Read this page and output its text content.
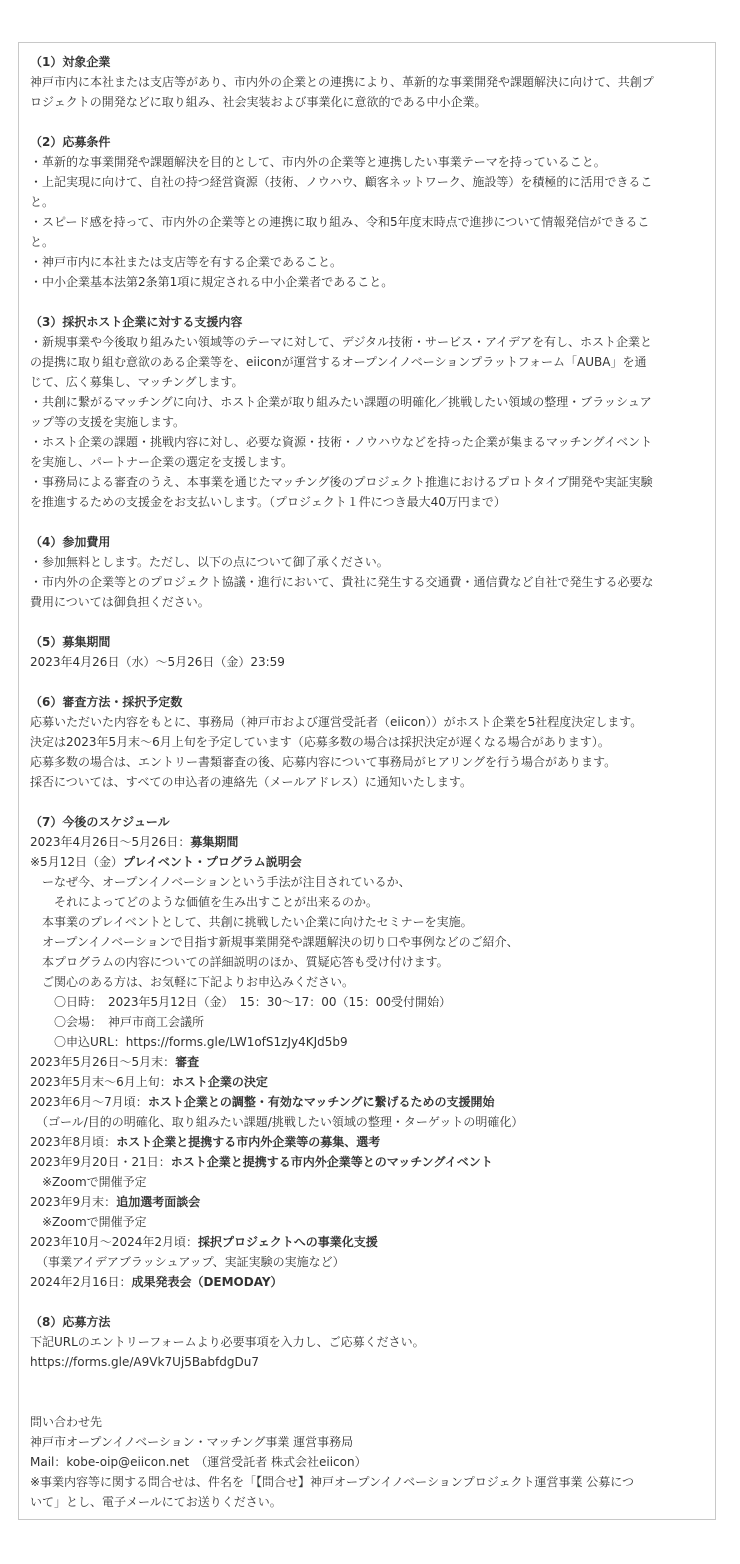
（1）対象企業
神戸市内に本社または支店等があり、市内外の企業との連携により、革新的な事業開発や課題解決に向けて、共創プ
ロジェクトの開発などに取り組み、社会実装および事業化に意欲的である中小企業。
（2）応募条件
・革新的な事業開発や課題解決を目的として、市内外の企業等と連携したい事業テーマを持っていること。
・上記実現に向けて、自社の持つ経営資源（技術、ノウハウ、顧客ネットワーク、施設等）を積極的に活用できるこ
と。
・スピード感を持って、市内外の企業等との連携に取り組み、令和5年度末時点で進捗について情報発信ができるこ
と。
・神戸市内に本社または支店等を有する企業であること。
・中小企業基本法第2条第1項に規定される中小企業者であること。
（3）採択ホスト企業に対する支援内容
・新規事業や今後取り組みたい領域等のテーマに対して、デジタル技術・サービス・アイデアを有し、ホスト企業と
の提携に取り組む意欲のある企業等を、eiiconが運営するオープンイノベーションプラットフォーム「AUBA」を通
じて、広く募集し、マッチングします。
・共創に繋がるマッチングに向け、ホスト企業が取り組みたい課題の明確化／挑戦したい領域の整理・ブラッシュア
ップ等の支援を実施します。
・ホスト企業の課題・挑戦内容に対し、必要な資源・技術・ノウハウなどを持った企業が集まるマッチングイベント
を実施し、パートナー企業の選定を支援します。
・事務局による審査のうえ、本事業を通じたマッチング後のプロジェクト推進におけるプロトタイプ開発や実証実験
を推進するための支援金をお支払いします。（プロジェクト１件につき最大40万円まで）
（4）参加費用
・参加無料とします。ただし、以下の点について御了承ください。
・市内外の企業等とのプロジェクト協議・進行において、貴社に発生する交通費・通信費など自社で発生する必要な
費用については御負担ください。
（5）募集期間
2023年4月26日（水）～5月26日（金）23:59
（6）審査方法・採択予定数
応募いただいた内容をもとに、事務局（神戸市および運営受託者（eiicon））がホスト企業を5社程度決定します。
決定は2023年5月末～6月上旬を予定しています（応募多数の場合は採択決定が遅くなる場合があります）。
応募多数の場合は、エントリー書類審査の後、応募内容について事務局がヒアリングを行う場合があります。
採否については、すべての申込者の連絡先（メールアドレス）に通知いたします。
（7）今後のスケジュール
2023年4月26日～5月26日：募集期間
※5月12日（金）プレイベント・プログラム説明会
　ーなぜ今、オープンイノベーションという手法が注目されているか、
　　それによってどのような価値を生み出すことが出来るのか。
　本事業のプレイベントとして、共創に挑戦したい企業に向けたセミナーを実施。
　オープンイノベーションで目指す新規事業開発や課題解決の切り口や事例などのご紹介、
　本プログラムの内容についての詳細説明のほか、質疑応答も受け付けます。
　ご関心のある方は、お気軽に下記よりお申込みください。
　　〇日時：　2023年5月12日（金）　15：30～17：00（15：00受付開始）
　　〇会場：　神戸市商工会議所
　　〇申込URL：https://forms.gle/LW1ofS1zJy4KJd5b9
2023年5月26日～5月末：審査
2023年5月末～6月上旬：ホスト企業の決定
2023年6月～7月頃：ホスト企業との調整・有効なマッチングに繋げるための支援開始
　（ゴール/目的の明確化、取り組みたい課題/挑戦したい領域の整理・ターゲットの明確化）
2023年8月頃：ホスト企業と提携する市内外企業等の募集、選考
2023年9月20日・21日：ホスト企業と提携する市内外企業等とのマッチングイベント
　※Zoomで開催予定
2023年9月末：追加選考面談会
　※Zoomで開催予定
2023年10月～2024年2月頃：採択プロジェクトへの事業化支援
　（事業アイデアブラッシュアップ、実証実験の実施など）
2024年2月16日：成果発表会（DEMODAY）
（8）応募方法
下記URLのエントリーフォームより必要事項を入力し、ご応募ください。
https://forms.gle/A9Vk7Uj5BabfdgDu7
問い合わせ先
神戸市オープンイノベーション・マッチング事業 運営事務局
Mail：kobe-oip@eiicon.net　（運営受託者 株式会社eiicon）
※事業内容等に関する問合せは、件名を「【問合せ】神戸オープンイノベーションプロジェクト運営事業 公募につ
いて」とし、電子メールにてお送りください。
